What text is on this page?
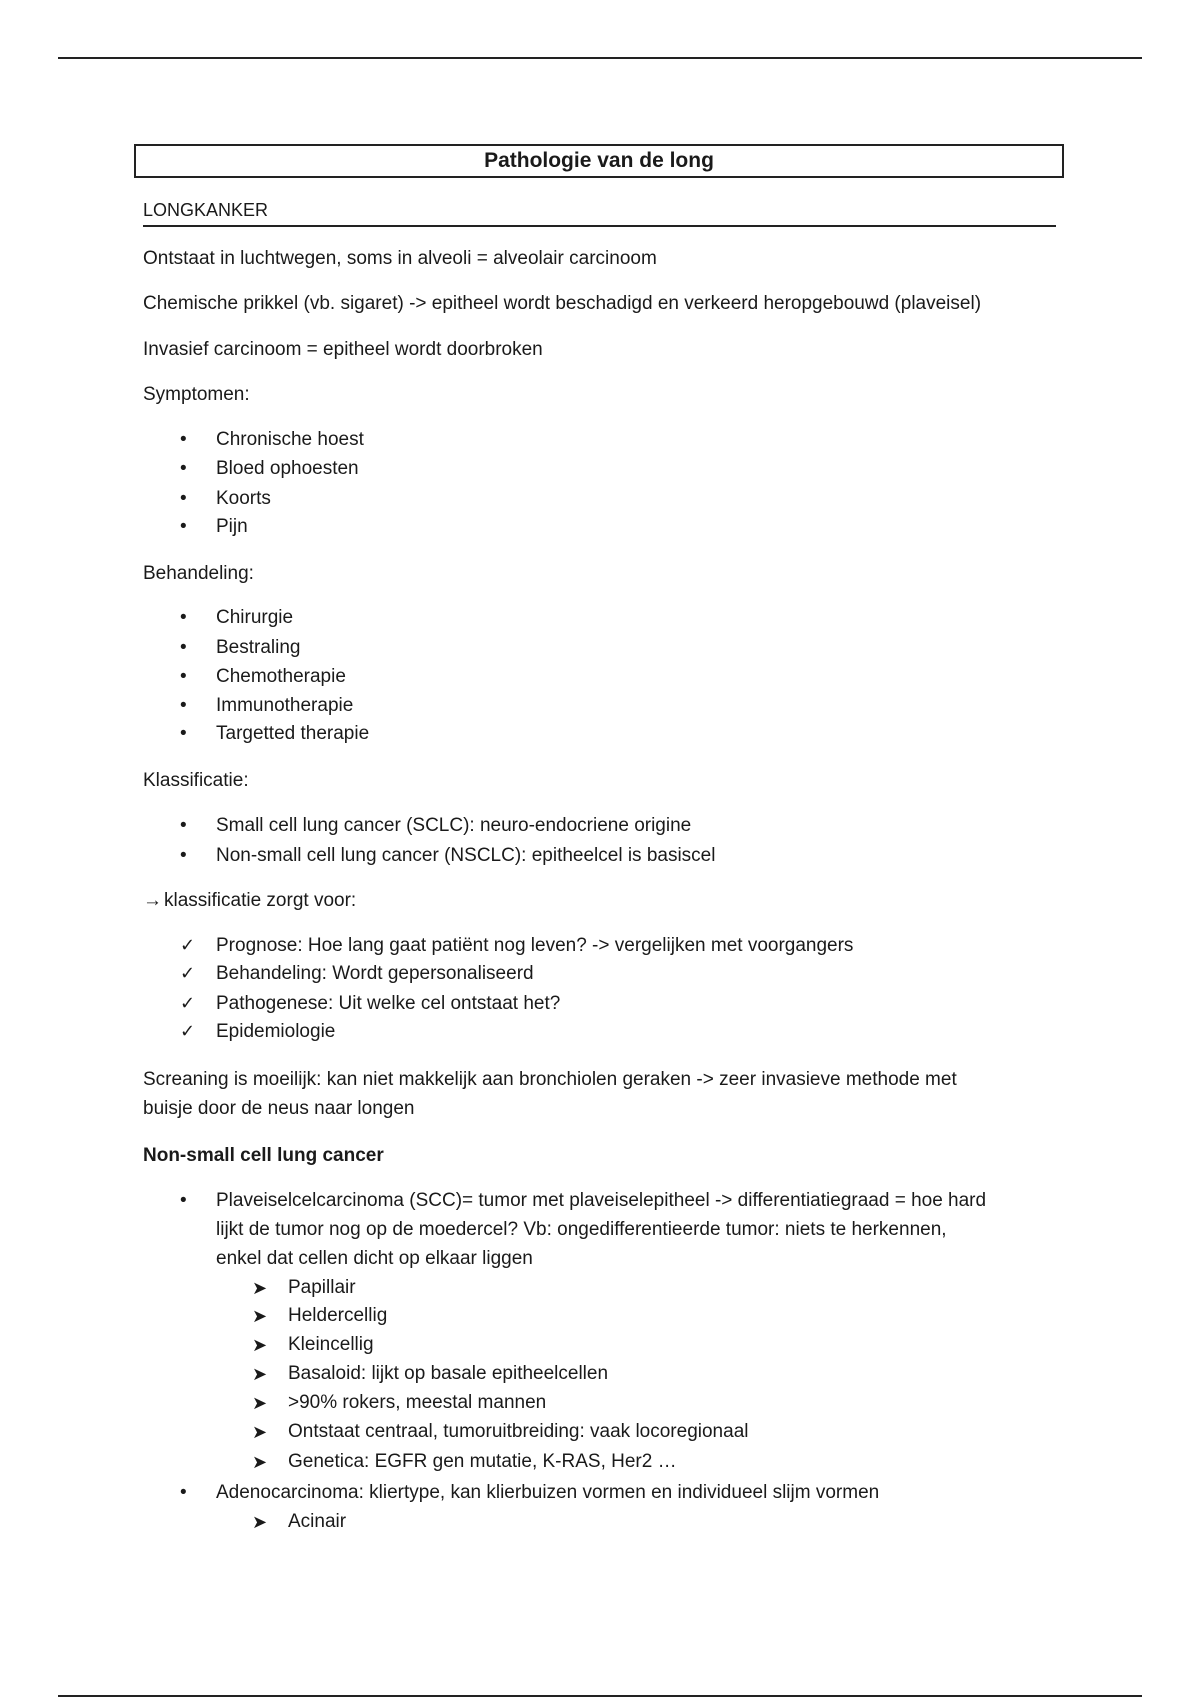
Pathologie van de long
LONGKANKER
Ontstaat in luchtwegen, soms in alveoli = alveolair carcinoom
Chemische prikkel (vb. sigaret) -> epitheel wordt beschadigd en verkeerd heropgebouwd (plaveisel)
Invasief carcinoom = epitheel wordt doorbroken
Symptomen:
• Chronische hoest
• Bloed ophoesten
• Koorts
• Pijn
Behandeling:
• Chirurgie
• Bestraling
• Chemotherapie
• Immunotherapie
• Targetted therapie
Klassificatie:
• Small cell lung cancer (SCLC): neuro-endocriene origine
• Non-small cell lung cancer (NSCLC): epitheelcel is basiscel
→ klassificatie zorgt voor:
✓ Prognose: Hoe lang gaat patiënt nog leven? -> vergelijken met voorgangers
✓ Behandeling: Wordt gepersonaliseerd
✓ Pathogenese: Uit welke cel ontstaat het?
✓ Epidemiologie
Screaning is moeilijk: kan niet makkelijk aan bronchiolen geraken -> zeer invasieve methode met
buisje door de neus naar longen
Non-small cell lung cancer
• Plaveiselcelcarcinoma (SCC)= tumor met plaveiselepitheel -> differentiatiegraad = hoe hard
lijkt de tumor nog op de moedercel? Vb: ongedifferentieerde tumor: niets te herkennen,
enkel dat cellen dicht op elkaar liggen
➤ Papillair
➤ Heldercellig
➤ Kleincellig
➤ Basaloid: lijkt op basale epitheelcellen
➤ >90% rokers, meestal mannen
➤ Ontstaat centraal, tumoruitbreiding: vaak locoregionaal
➤ Genetica: EGFR gen mutatie, K-RAS, Her2 …
• Adenocarcinoma: kliertype, kan klierbuizen vormen en individueel slijm vormen
➤ Acinair
